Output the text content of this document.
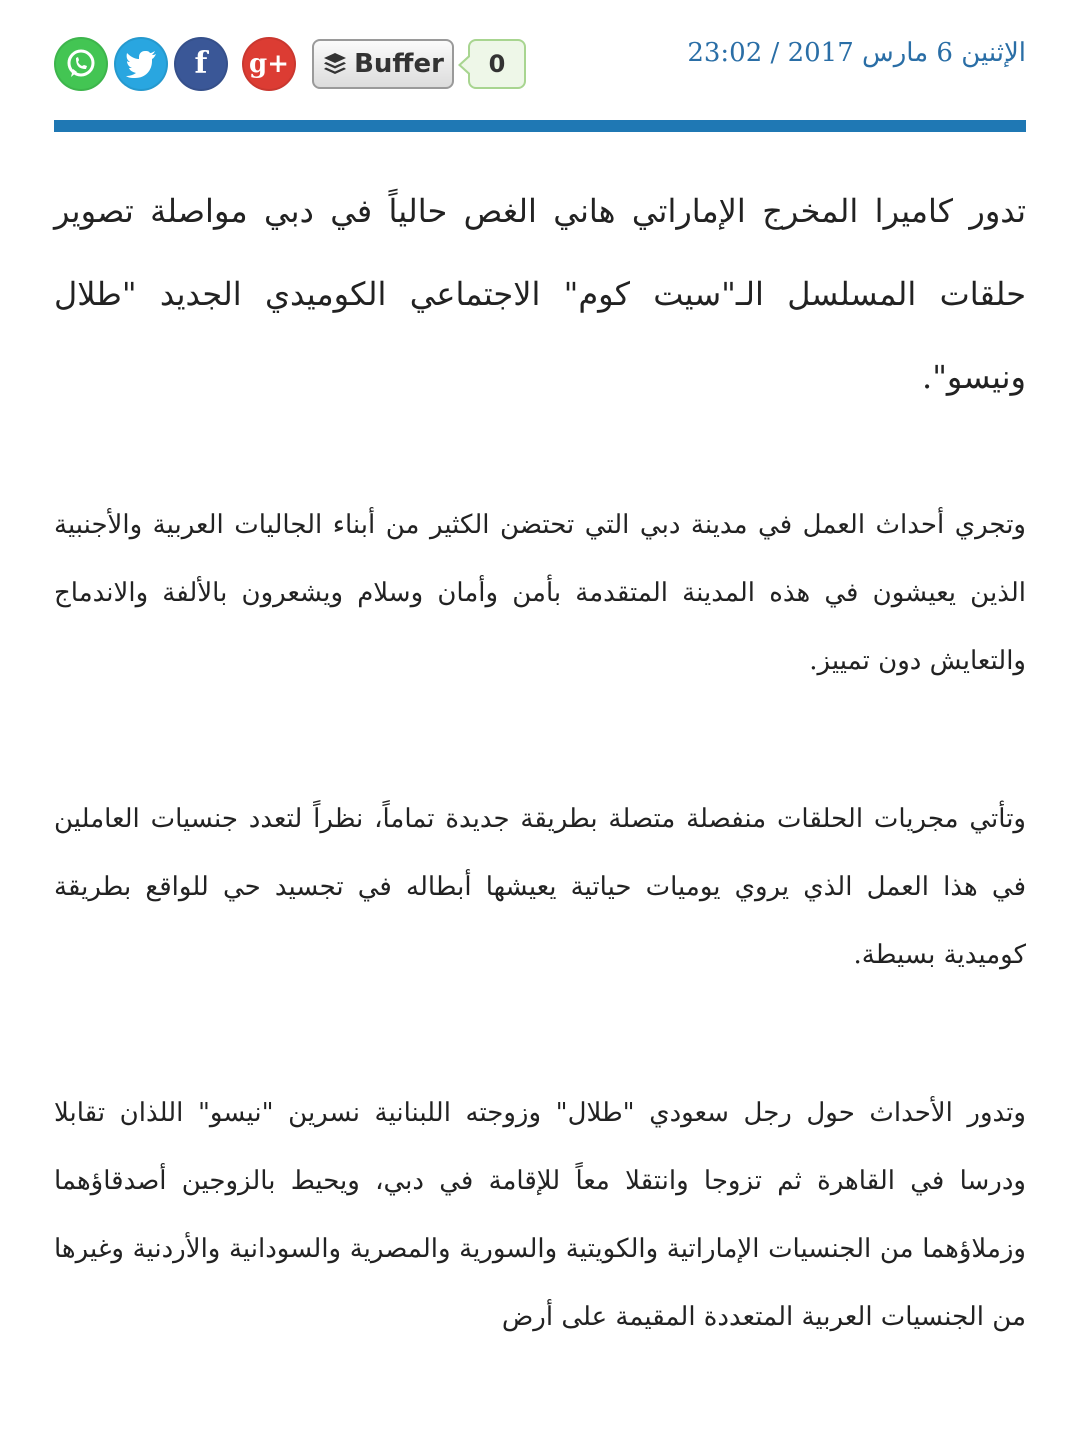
f g+	Buffer	0	الإثنين 6 مارس 2017 / 23:02

تدور كاميرا المخرج الإماراتي هاني الغص حالياً في دبي مواصلة تصوير حلقات المسلسل الـ"سيت كوم" الاجتماعي الكوميدي الجديد "طلال ونيسو".

وتجري أحداث العمل في مدينة دبي التي تحتضن الكثير من أبناء الجاليات العربية والأجنبية الذين يعيشون في هذه المدينة المتقدمة بأمن وأمان وسلام ويشعرون بالألفة والاندماج والتعايش دون تمييز.

وتأتي مجريات الحلقات منفصلة متصلة بطريقة جديدة تماماً، نظراً لتعدد جنسيات العاملين في هذا العمل الذي يروي يوميات حياتية يعيشها أبطاله في تجسيد حي للواقع بطريقة كوميدية بسيطة.

وتدور الأحداث حول رجل سعودي "طلال" وزوجته اللبنانية نسرين "نيسو" اللذان تقابلا ودرسا في القاهرة ثم تزوجا وانتقلا معاً للإقامة في دبي، ويحيط بالزوجين أصدقاؤهما وزملاؤهما من الجنسيات الإماراتية والكويتية والسورية والمصرية والسودانية والأردنية وغيرها من الجنسيات العربية المتعددة المقيمة على أرض
